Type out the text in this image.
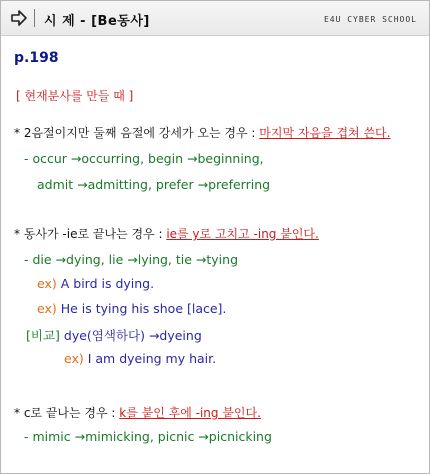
시 제 - [Be동사]	E4U CYBER SCHOOL
p.198
[ 현재분사를 만들 때 ]
* 2음절이지만 둘째 음절에 강세가 오는 경우 : 마지막 자음을 겹쳐 쓴다.
- occur →occurring, begin →beginning,
admit →admitting, prefer →preferring
* 동사가 -ie로 끝나는 경우 : ie를 y로 고치고 -ing 붙인다.
- die →dying, lie →lying, tie →tying
ex) A bird is dying.
ex) He is tying his shoe [lace].
[비교] dye(염색하다) →dyeing
ex) I am dyeing my hair.
* c로 끝나는 경우 : k를 붙인 후에 -ing 붙인다.
- mimic →mimicking, picnic →picnicking
